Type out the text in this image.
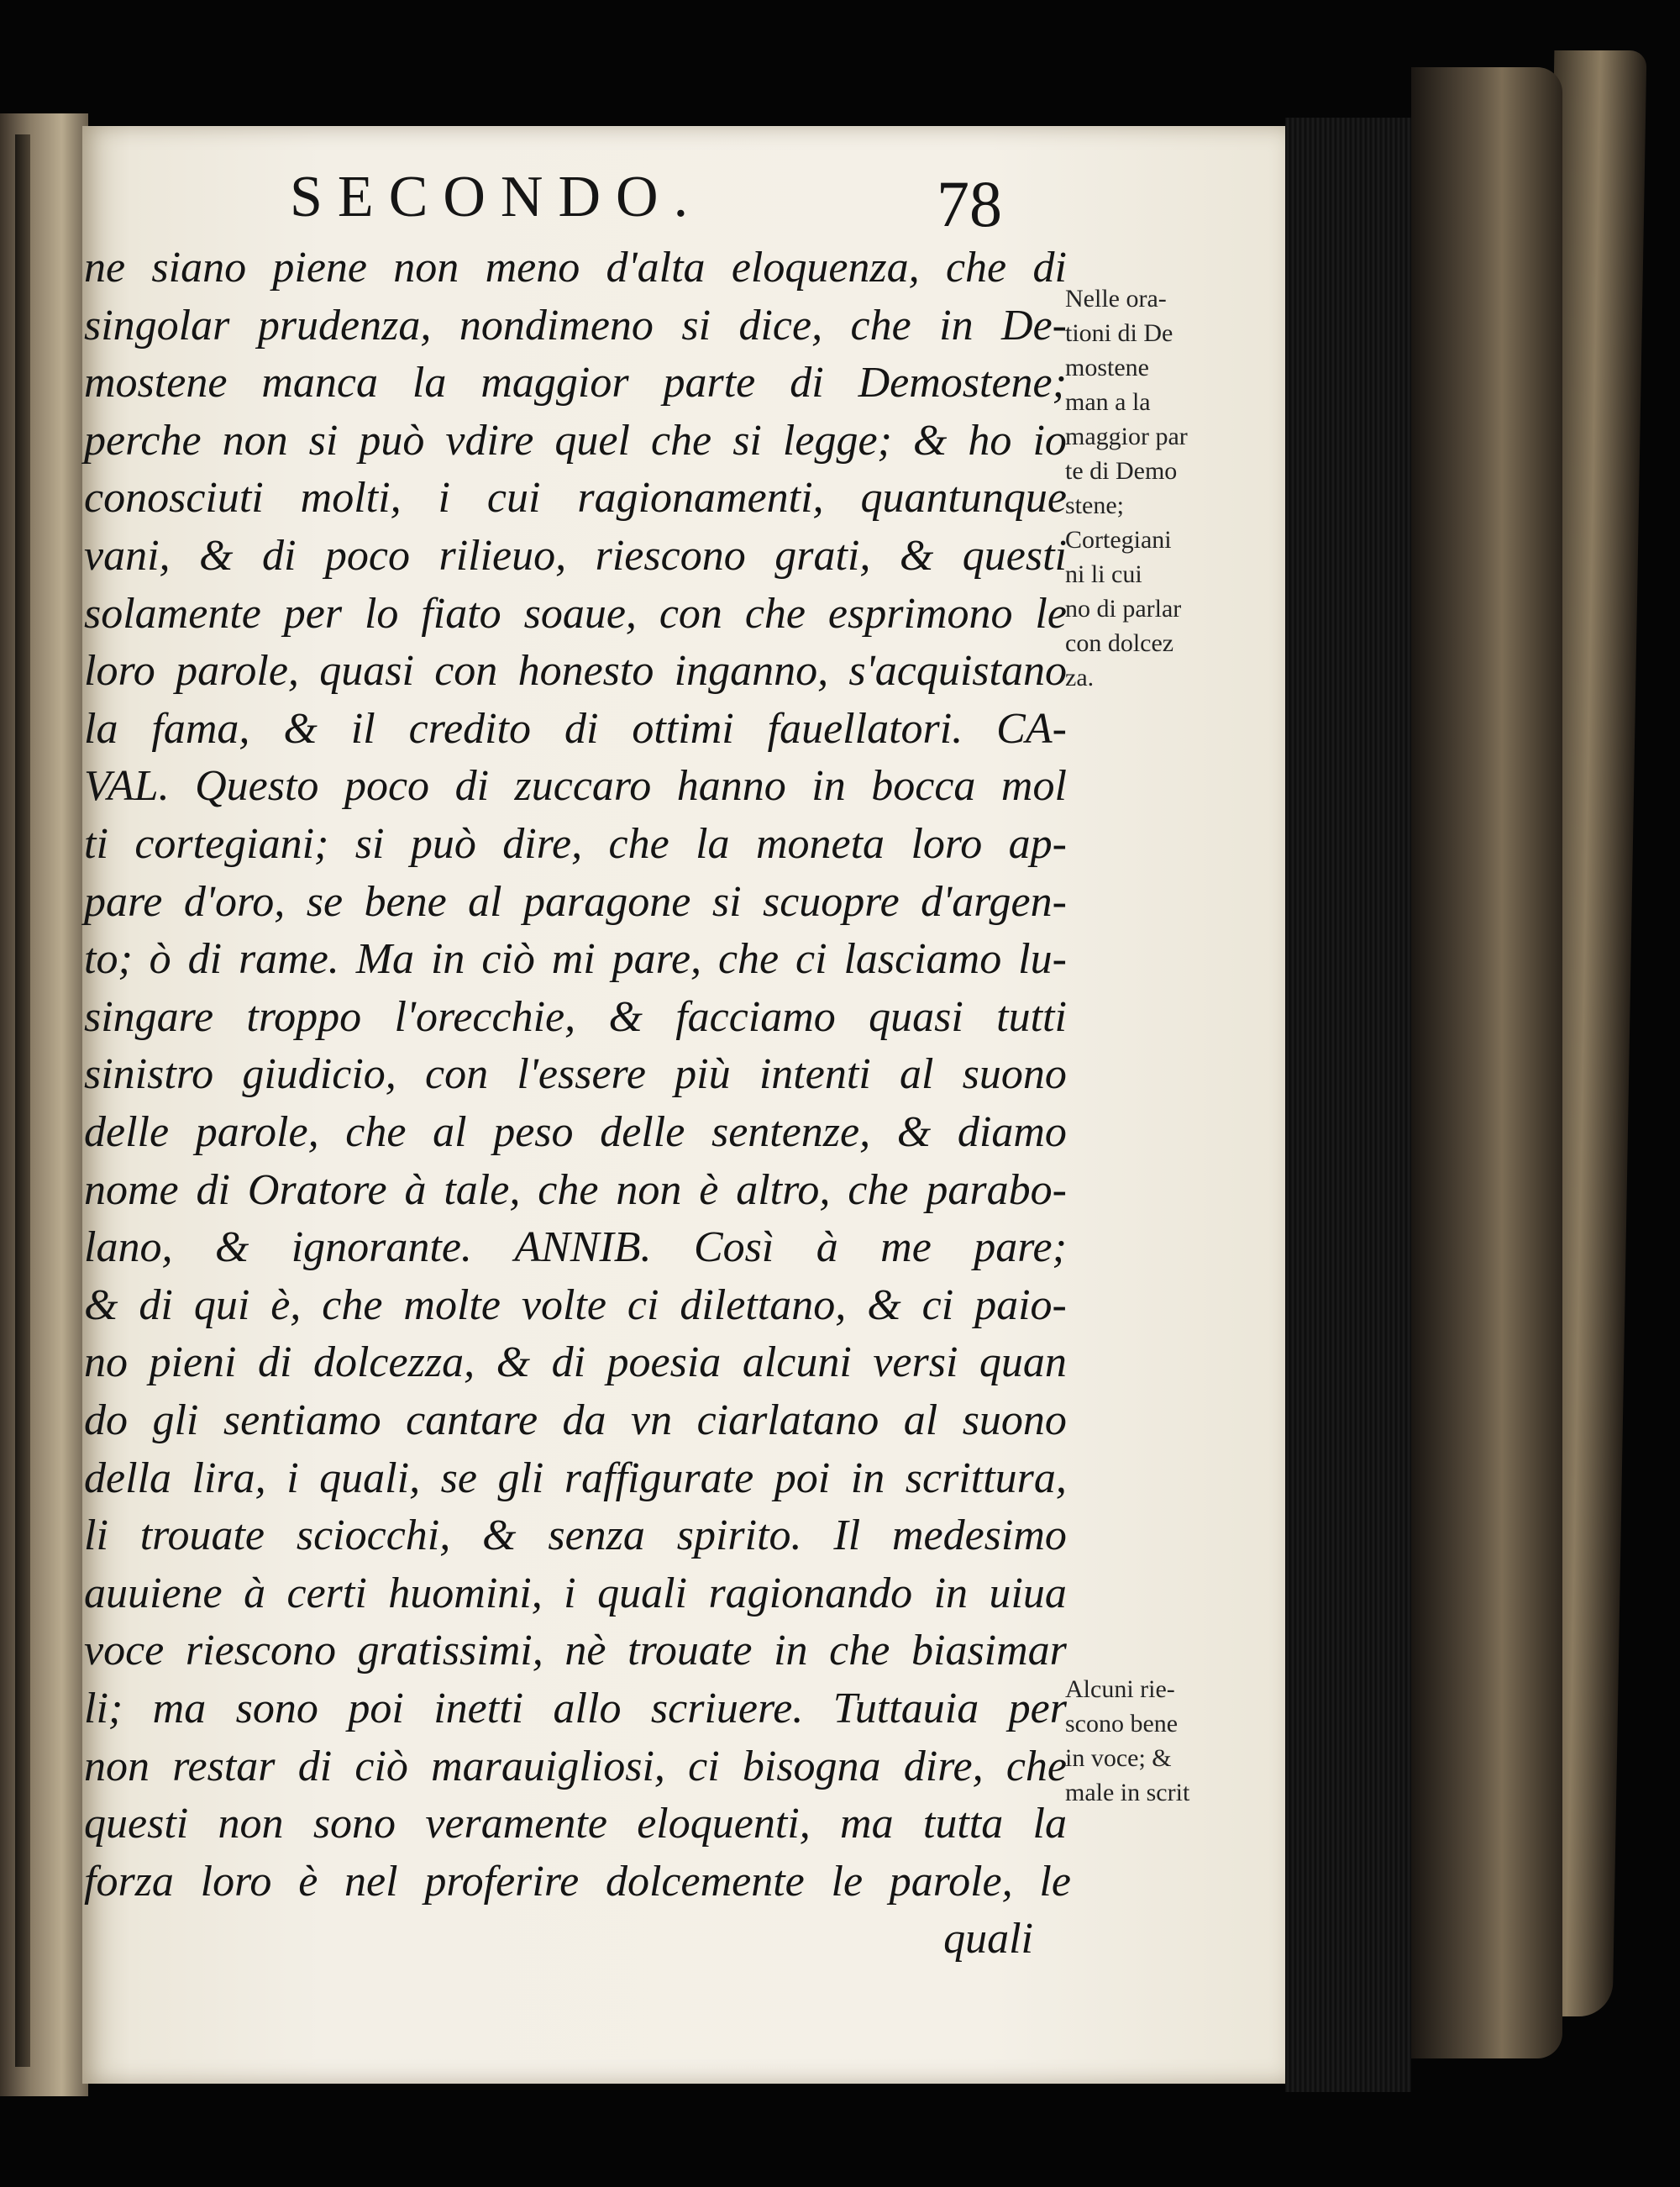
SECONDO.	78
ne siano piene non meno d'alta eloquenza, che di
singolar prudenza, nondimeno si dice, che in De-
mostene manca la maggior parte di Demostene;
perche non si può vdire quel che si legge; & ho io
conosciuti molti, i cui ragionamenti, quantunque
vani, & di poco rilieuo, riescono grati, & questi
solamente per lo fiato soaue, con che esprimono le
loro parole, quasi con honesto inganno, s'acquistano
la fama, & il credito di ottimi fauellatori. CA-
VAL. Questo poco di zuccaro hanno in bocca mol
ti cortegiani; si può dire, che la moneta loro ap-
pare d'oro, se bene al paragone si scuopre d'argen-
to; ò di rame. Ma in ciò mi pare, che ci lasciamo lu-
singare troppo l'orecchie, & facciamo quasi tutti
sinistro giudicio, con l'essere più intenti al suono
delle parole, che al peso delle sentenze, & diamo
nome di Oratore à tale, che non è altro, che parabo-
lano, & ignorante. ANNIB. Così à me pare;
& di qui è, che molte volte ci dilettano, & ci paio-
no pieni di dolcezza, & di poesia alcuni versi quan
do gli sentiamo cantare da vn ciarlatano al suono
della lira, i quali, se gli raffigurate poi in scrittura,
li trouate sciocchi, & senza spirito. Il medesimo
auuiene à certi huomini, i quali ragionando in uiua
voce riescono gratissimi, nè trouate in che biasimar
li; ma sono poi inetti allo scriuere. Tuttauia per
non restar di ciò marauigliosi, ci bisogna dire, che
questi non sono veramente eloquenti, ma tutta la
forza loro è nel proferire dolcemente le parole, le
quali
Nelle ora-
tioni di De
mostene
man a la
maggior par
te di Demo
stene;
Cortegiani
ni li cui
no di parlar
con dolcez
za.
Alcuni rie-
scono bene
in voce; &
male in scrit
